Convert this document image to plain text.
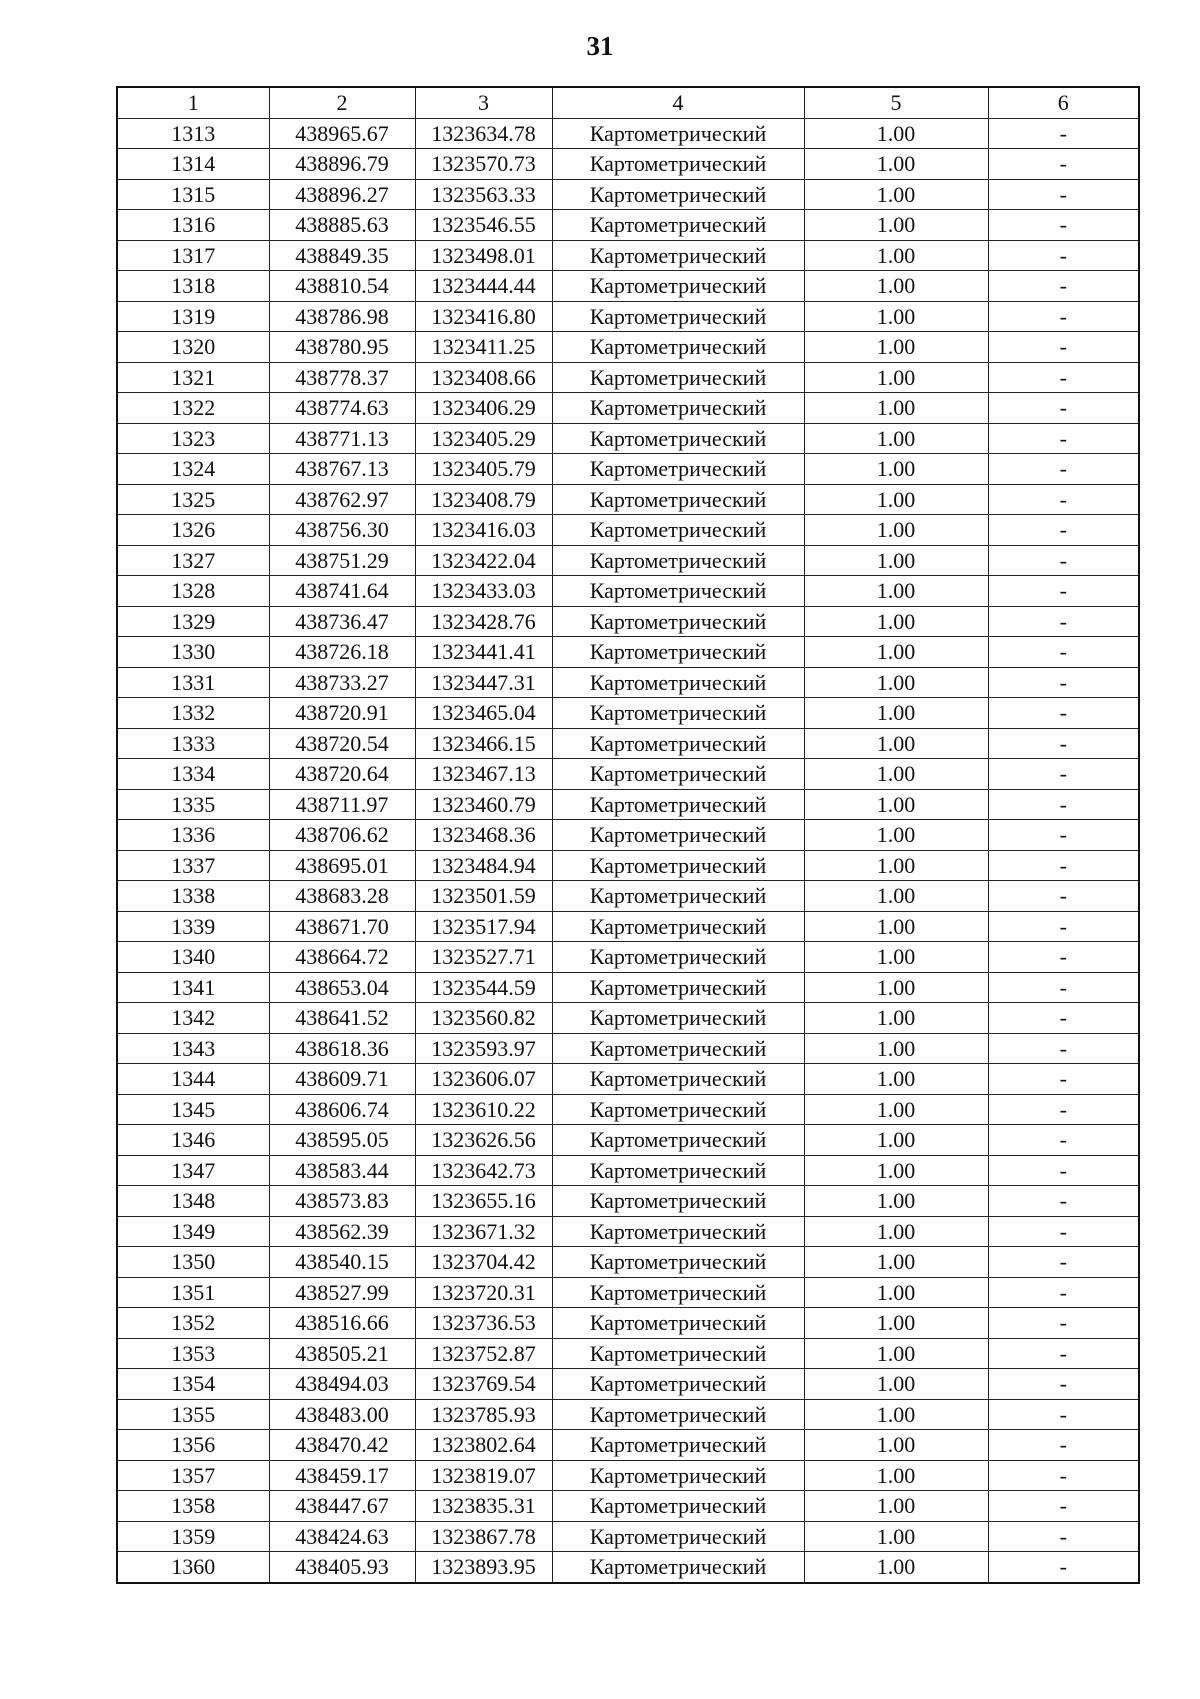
31
1	2	3	4	5	6
1313	438965.67	1323634.78	Картометрический	1.00	-
1314	438896.79	1323570.73	Картометрический	1.00	-
1315	438896.27	1323563.33	Картометрический	1.00	-
1316	438885.63	1323546.55	Картометрический	1.00	-
1317	438849.35	1323498.01	Картометрический	1.00	-
1318	438810.54	1323444.44	Картометрический	1.00	-
1319	438786.98	1323416.80	Картометрический	1.00	-
1320	438780.95	1323411.25	Картометрический	1.00	-
1321	438778.37	1323408.66	Картометрический	1.00	-
1322	438774.63	1323406.29	Картометрический	1.00	-
1323	438771.13	1323405.29	Картометрический	1.00	-
1324	438767.13	1323405.79	Картометрический	1.00	-
1325	438762.97	1323408.79	Картометрический	1.00	-
1326	438756.30	1323416.03	Картометрический	1.00	-
1327	438751.29	1323422.04	Картометрический	1.00	-
1328	438741.64	1323433.03	Картометрический	1.00	-
1329	438736.47	1323428.76	Картометрический	1.00	-
1330	438726.18	1323441.41	Картометрический	1.00	-
1331	438733.27	1323447.31	Картометрический	1.00	-
1332	438720.91	1323465.04	Картометрический	1.00	-
1333	438720.54	1323466.15	Картометрический	1.00	-
1334	438720.64	1323467.13	Картометрический	1.00	-
1335	438711.97	1323460.79	Картометрический	1.00	-
1336	438706.62	1323468.36	Картометрический	1.00	-
1337	438695.01	1323484.94	Картометрический	1.00	-
1338	438683.28	1323501.59	Картометрический	1.00	-
1339	438671.70	1323517.94	Картометрический	1.00	-
1340	438664.72	1323527.71	Картометрический	1.00	-
1341	438653.04	1323544.59	Картометрический	1.00	-
1342	438641.52	1323560.82	Картометрический	1.00	-
1343	438618.36	1323593.97	Картометрический	1.00	-
1344	438609.71	1323606.07	Картометрический	1.00	-
1345	438606.74	1323610.22	Картометрический	1.00	-
1346	438595.05	1323626.56	Картометрический	1.00	-
1347	438583.44	1323642.73	Картометрический	1.00	-
1348	438573.83	1323655.16	Картометрический	1.00	-
1349	438562.39	1323671.32	Картометрический	1.00	-
1350	438540.15	1323704.42	Картометрический	1.00	-
1351	438527.99	1323720.31	Картометрический	1.00	-
1352	438516.66	1323736.53	Картометрический	1.00	-
1353	438505.21	1323752.87	Картометрический	1.00	-
1354	438494.03	1323769.54	Картометрический	1.00	-
1355	438483.00	1323785.93	Картометрический	1.00	-
1356	438470.42	1323802.64	Картометрический	1.00	-
1357	438459.17	1323819.07	Картометрический	1.00	-
1358	438447.67	1323835.31	Картометрический	1.00	-
1359	438424.63	1323867.78	Картометрический	1.00	-
1360	438405.93	1323893.95	Картометрический	1.00	-
